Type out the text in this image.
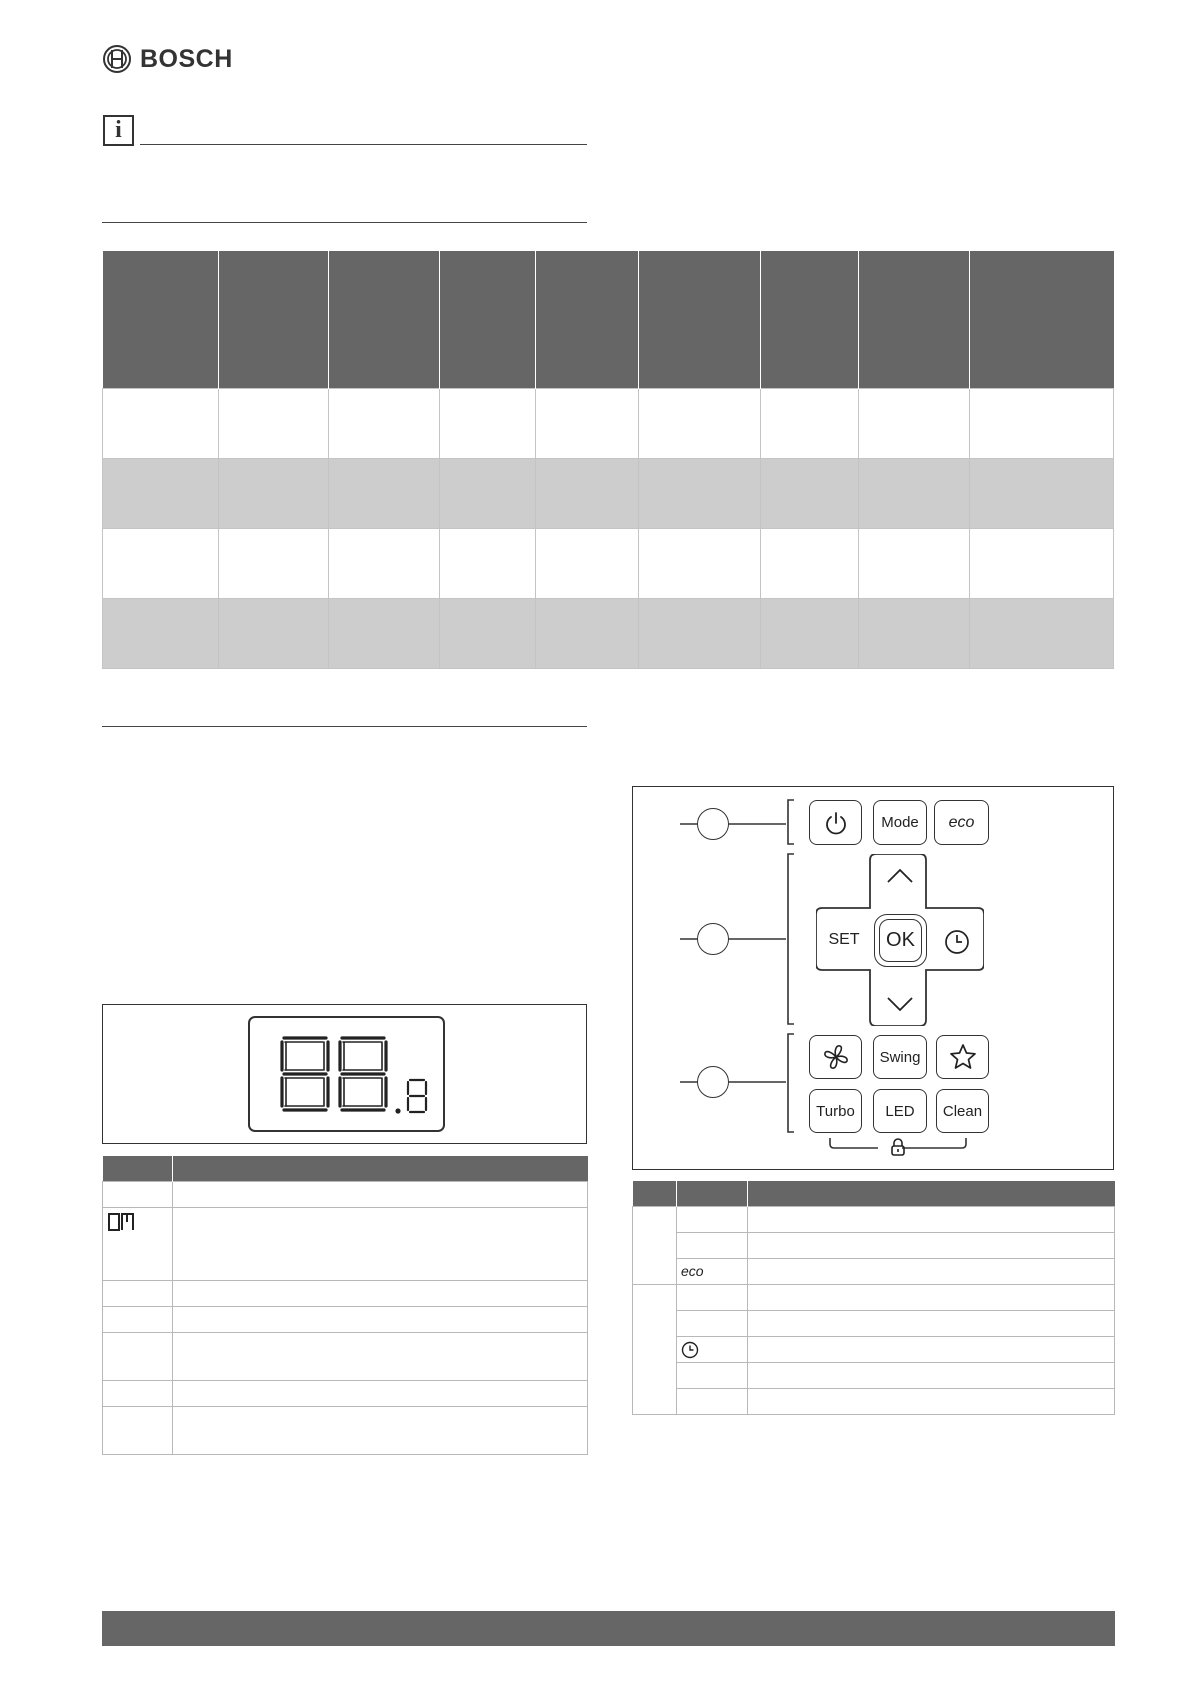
BOSCH
i

Mode eco
SET OK
Swing
Turbo LED Clean

	eco	
